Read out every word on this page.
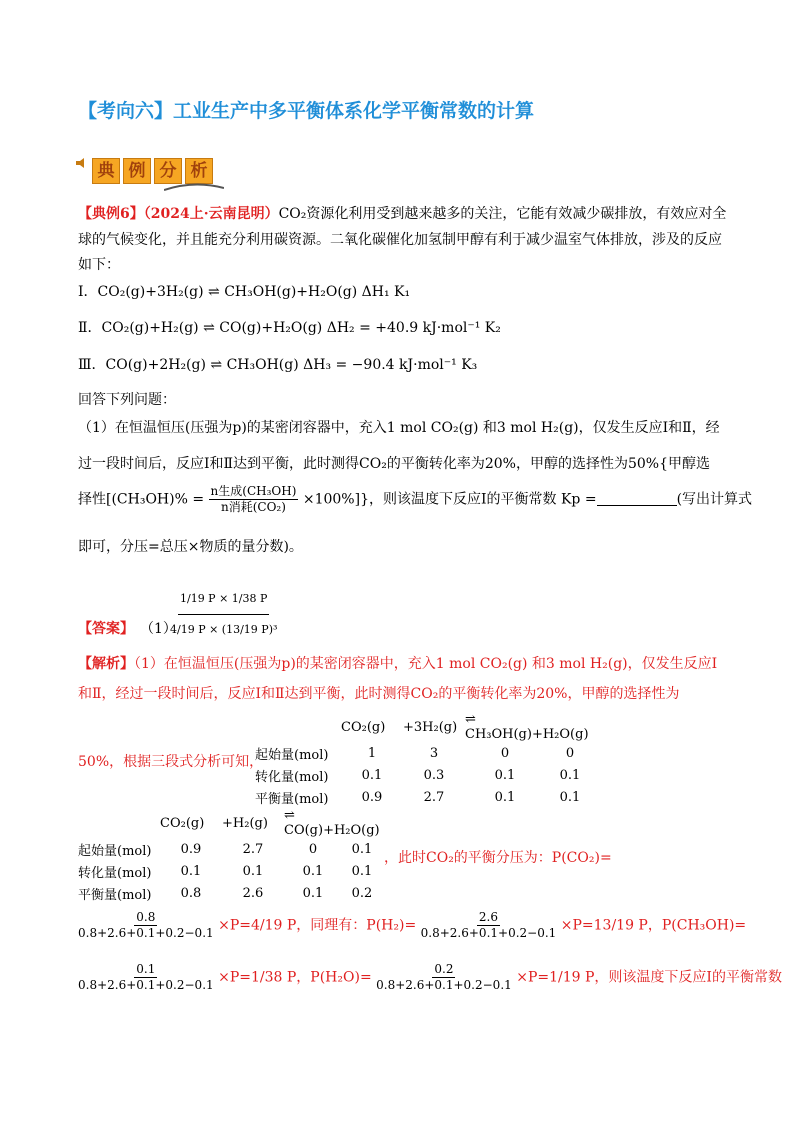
【考向六】工业生产中多平衡体系化学平衡常数的计算
典 例 分 析
【典例6】（2024上·云南昆明）CO₂资源化利用受到越来越多的关注，它能有效减少碳排放，有效应对全
球的气候变化，并且能充分利用碳资源。二氧化碳催化加氢制甲醇有利于减少温室气体排放，涉及的反应
如下：
Ⅰ．CO₂(g)+3H₂(g) ⇌ CH₃OH(g)+H₂O(g) ΔH₁ K₁
Ⅱ．CO₂(g)+H₂(g) ⇌ CO(g)+H₂O(g) ΔH₂ = +40.9 kJ·mol⁻¹ K₂
Ⅲ．CO(g)+2H₂(g) ⇌ CH₃OH(g) ΔH₃ = −90.4 kJ·mol⁻¹ K₃
回答下列问题：
（1）在恒温恒压(压强为p)的某密闭容器中，充入1 mol CO₂(g) 和3 mol H₂(g)，仅发生反应Ⅰ和Ⅱ，经
过一段时间后，反应Ⅰ和Ⅱ达到平衡，此时测得CO₂的平衡转化率为20%，甲醇的选择性为50%{甲醇选
择性$[(CH_3OH)\% = \frac{\text{n生成(CH₃OH)}}{\text{n消耗(CO₂)}} \times 100\%]$}，则该温度下反应Ⅰ的平衡常数 Kp =	(写出计算式
即可，分压=总压×物质的量分数)。
【答案】 （1）
$\frac{1/19 P \times 1/38 P}{\text{4/19 P × (13/19 P)³}}$
【解析】（1）在恒温恒压(压强为p)的某密闭容器中，充入1 mol CO₂(g) 和3 mol H₂(g)，仅发生反应Ⅰ
和Ⅱ，经过一段时间后，反应Ⅰ和Ⅱ达到平衡，此时测得CO₂的平衡转化率为20%，甲醇的选择性为
50%，根据三段式分析可知，
	CO₂(g)	+3H₂(g)	⇌ CH₃OH(g)+H₂O(g)	
起始量(mol)	1	3	0	0
转化量(mol)	0.1	0.3	0.1	0.1
平衡量(mol)	0.9	2.7	0.1	0.1
	CO₂(g)	+H₂(g)	⇌ CO(g)+H₂O(g)	
起始量(mol)	0.9	2.7	0	0.1
转化量(mol)	0.1	0.1	0.1	0.1
平衡量(mol)	0.8	2.6	0.1	0.2
，此时CO₂的平衡分压为：P(CO₂)=
$\frac{0.8}{0.8+2.6+0.1+0.2-0.1} \times P=4/19$ P，同理有：$P(H_2)= \frac{2.6}{0.8+2.6+0.1+0.2-0.1} \times P=13/19$ P，P(CH₃OH)=
$\frac{0.1}{0.8+2.6+0.1+0.2-0.1} \times P=1/38$ P，$P(H_2O)= \frac{0.2}{0.8+2.6+0.1+0.2-0.1} \times P=1/19$ P，则该温度下反应Ⅰ的平衡常数
